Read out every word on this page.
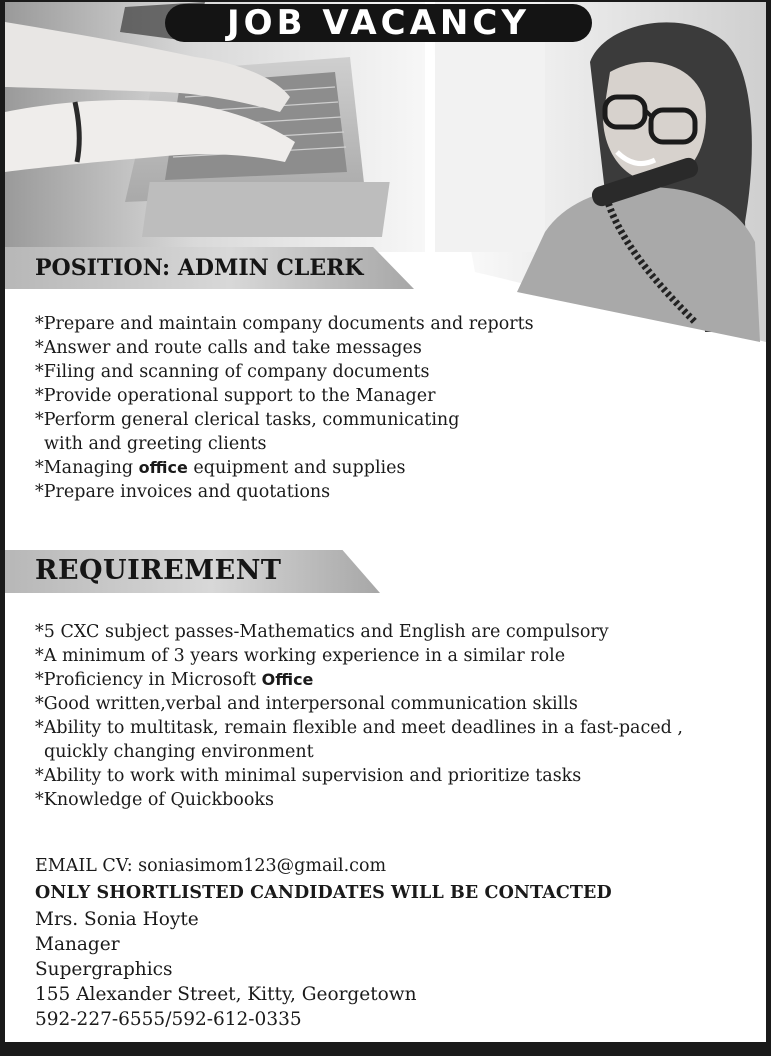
JOB VACANCY
POSITION: ADMIN CLERK
*Prepare and maintain company documents and reports
*Answer and route calls and take messages
*Filing and scanning of company documents
*Provide operational support to the Manager
*Perform general clerical tasks, communicating
with and greeting clients
*Managing office equipment and supplies
*Prepare invoices and quotations
REQUIREMENT
*5 CXC subject passes-Mathematics and English are compulsory
*A minimum of 3 years working experience in a similar role
*Proficiency in Microsoft Office
*Good written,verbal and interpersonal communication skills
*Ability to multitask, remain flexible and meet deadlines in a fast-paced ,
quickly changing environment
*Ability to work with minimal supervision and prioritize tasks
*Knowledge of Quickbooks
EMAIL CV: soniasimom123@gmail.com
ONLY SHORTLISTED CANDIDATES WILL BE CONTACTED
Mrs. Sonia Hoyte
Manager
Supergraphics
155 Alexander Street, Kitty, Georgetown
592-227-6555/592-612-0335
